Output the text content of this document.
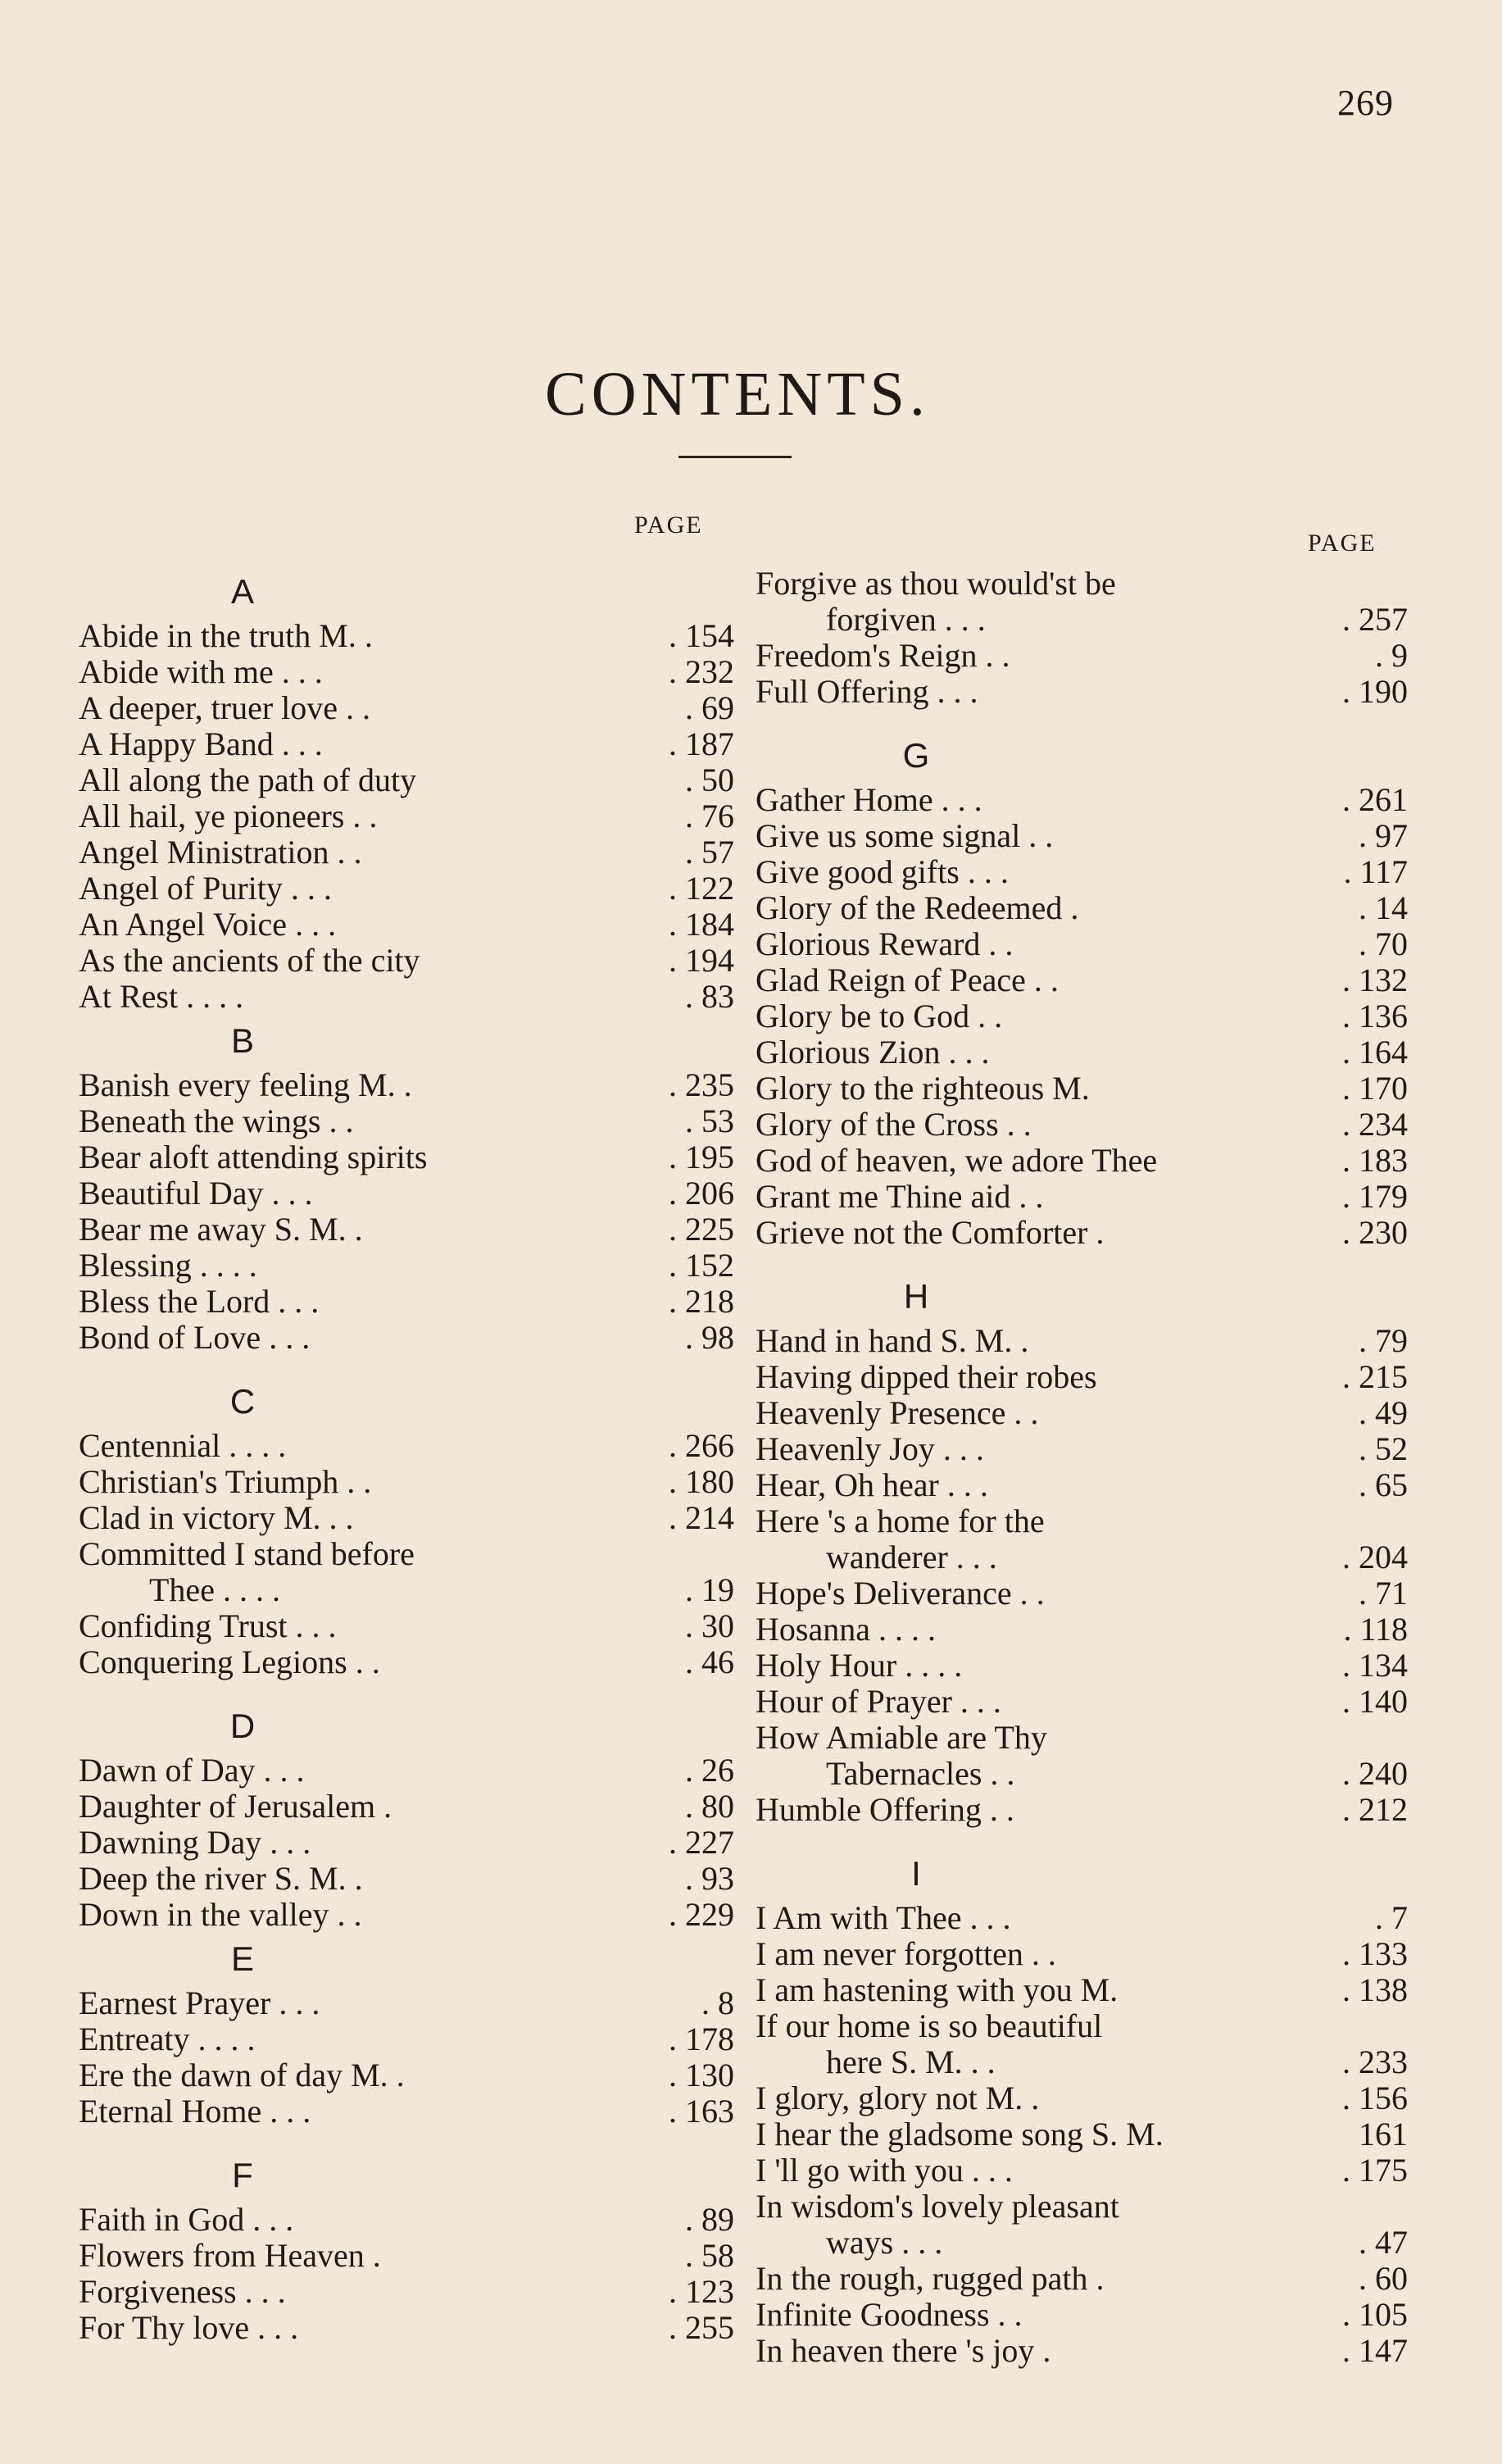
269
CONTENTS.
PAGE
A
Abide in the truth M. .	. 154
Abide with me . . .	. 232
A deeper, truer love . .	. 69
A Happy Band . . .	. 187
All along the path of duty	. 50
All hail, ye pioneers . .	. 76
Angel Ministration . .	. 57
Angel of Purity . . .	. 122
An Angel Voice . . .	. 184
As the ancients of the city	. 194
At Rest . . . .	. 83
B
Banish every feeling M. .	. 235
Beneath the wings . .	. 53
Bear aloft attending spirits	. 195
Beautiful Day . . .	. 206
Bear me away S. M. .	. 225
Blessing . . . .	. 152
Bless the Lord . . .	. 218
Bond of Love . . .	. 98
C
Centennial . . . .	. 266
Christian's Triumph . .	. 180
Clad in victory M. . .	. 214
Committed I stand before
Thee . . . .	. 19
Confiding Trust . . .	. 30
Conquering Legions . .	. 46
D
Dawn of Day . . .	. 26
Daughter of Jerusalem .	. 80
Dawning Day . . .	. 227
Deep the river S. M. .	. 93
Down in the valley . .	. 229
E
Earnest Prayer . . .	. 8
Entreaty . . . .	. 178
Ere the dawn of day M. .	. 130
Eternal Home . . .	. 163
F
Faith in God . . .	. 89
Flowers from Heaven .	. 58
Forgiveness . . .	. 123
For Thy love . . .	. 255
PAGE
Forgive as thou would'st be
forgiven . . .	. 257
Freedom's Reign . .	. 9
Full Offering . . .	. 190
G
Gather Home . . .	. 261
Give us some signal . .	. 97
Give good gifts . . .	. 117
Glory of the Redeemed .	. 14
Glorious Reward . .	. 70
Glad Reign of Peace . .	. 132
Glory be to God . .	. 136
Glorious Zion . . .	. 164
Glory to the righteous M.	. 170
Glory of the Cross . .	. 234
God of heaven, we adore Thee	. 183
Grant me Thine aid . .	. 179
Grieve not the Comforter .	. 230
H
Hand in hand S. M. .	. 79
Having dipped their robes	. 215
Heavenly Presence . .	. 49
Heavenly Joy . . .	. 52
Hear, Oh hear . . .	. 65
Here 's a home for the
wanderer . . .	. 204
Hope's Deliverance . .	. 71
Hosanna . . . .	. 118
Holy Hour . . . .	. 134
Hour of Prayer . . .	. 140
How Amiable are Thy
Tabernacles . .	. 240
Humble Offering . .	. 212
I
I Am with Thee . . .	. 7
I am never forgotten . .	. 133
I am hastening with you M.	. 138
If our home is so beautiful
here S. M. . .	. 233
I glory, glory not M. .	. 156
I hear the gladsome song S. M.	161
I 'll go with you . . .	. 175
In wisdom's lovely pleasant
ways . . .	. 47
In the rough, rugged path .	. 60
Infinite Goodness . .	. 105
In heaven there 's joy .	. 147
